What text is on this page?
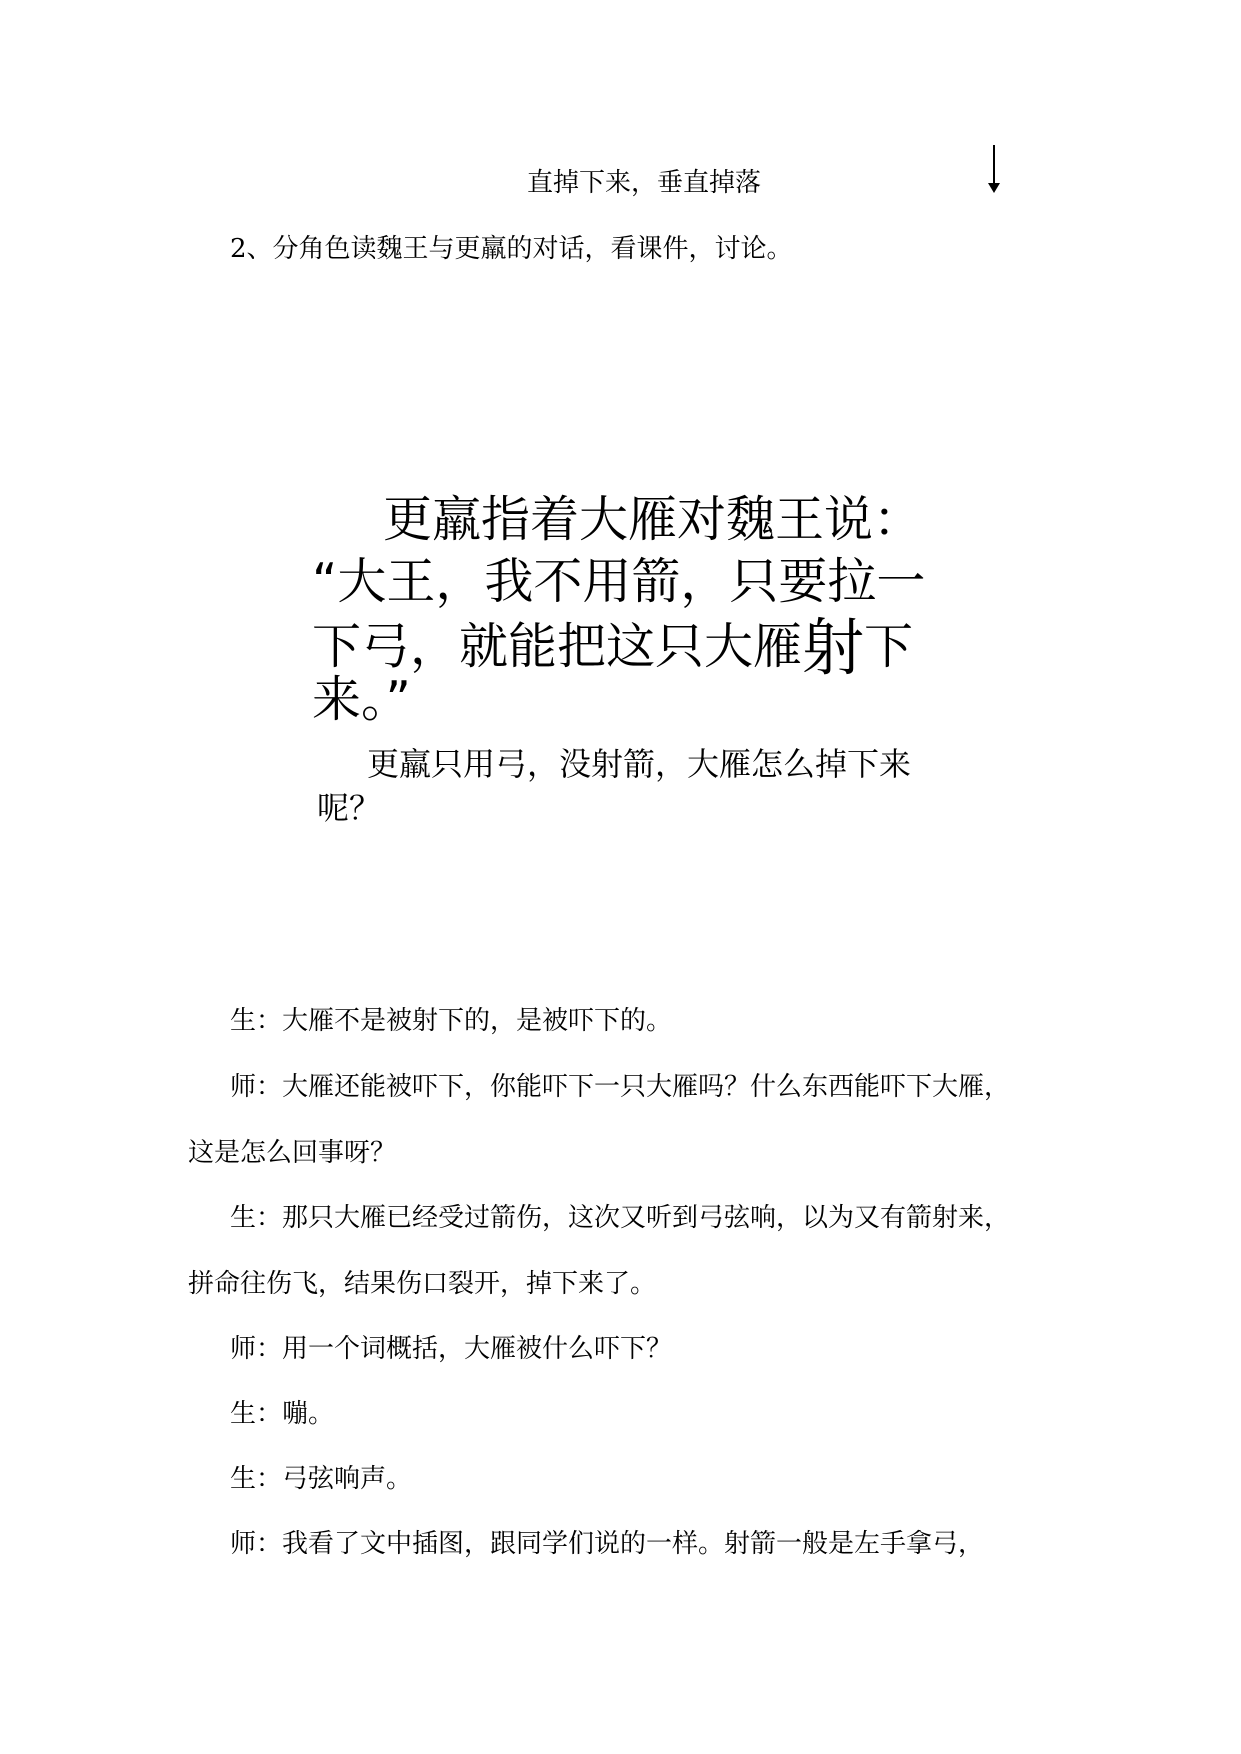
直掉下来，垂直掉落
2、分角色读魏王与更羸的对话，看课件，讨论。
更羸指着大雁对魏王说：
“大王，我不用箭，只要拉一
下弓，就能把这只大雁射下
来。”
更羸只用弓，没射箭，大雁怎么掉下来
呢？
生：大雁不是被射下的，是被吓下的。
师：大雁还能被吓下，你能吓下一只大雁吗？什么东西能吓下大雁，
这是怎么回事呀？
生：那只大雁已经受过箭伤，这次又听到弓弦响，以为又有箭射来，
拼命往伤飞，结果伤口裂开，掉下来了。
师：用一个词概括，大雁被什么吓下？
生：嘣。
生：弓弦响声。
师：我看了文中插图，跟同学们说的一样。射箭一般是左手拿弓，
